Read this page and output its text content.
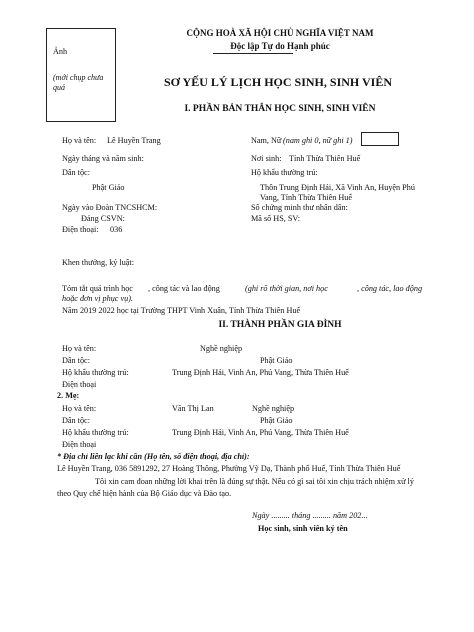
CỘNG HOÀ XÃ HỘI CHỦ NGHĨA VIỆT NAM
Độc lập Tự do Hạnh phúc
Ảnh
(mới chụp chưa quá	SƠ YẾU LÝ LỊCH HỌC SINH, SINH VIÊN
I. PHẦN BẢN THÂN HỌC SINH, SINH VIÊN
Họ và tên: Lê Huyền Trang	Nam, Nữ (nam ghi 0, nữ ghi 1)
Ngày tháng và năm sinh:	Nơi sinh: Tỉnh Thừa Thiên Huế
Dân tộc:	Hộ khẩu thường trú:
Phật Giáo	Thôn Trung Định Hải, Xã Vinh An, Huyện Phú Vang, Tỉnh Thừa Thiên Huế
Ngày vào Đoàn TNCSHCM:	Số chứng minh thư nhân dân:
Đảng CSVN:	Mã số HS, SV:
Điện thoại: 036
Khen thưởng, kỷ luật:
Tóm tắt quá trình học , công tác và lao động	(ghi rõ thời gian, nơi học	, công tác, lao động
hoặc đơn vị phục vụ).
Năm 2019 2022 học tại Trường THPT Vinh Xuân, Tỉnh Thừa Thiên Huế
II. THÀNH PHẦN GIA ĐÌNH
Họ và tên:	Nghề nghiệp
Dân tộc:	Phật Giáo
Hộ khẩu thường trú:	Trung Định Hải, Vinh An, Phú Vang, Thừa Thiên Huế
Điện thoại
2. Mẹ:
Họ và tên:	Văn Thị Lan	Nghề nghiệp
Dân tộc:	Phật Giáo
Hộ khẩu thường trú:	Trung Định Hải, Vinh An, Phú Vang, Thừa Thiên Huế
Điện thoại
* Địa chỉ liên lạc khi cần (Họ tên, số điện thoại, địa chỉ):
Lê Huyền Trang, 036 5891292, 27 Hoàng Thông, Phường Vỹ Dạ, Thành phố Huế, Tỉnh Thừa Thiên Huế
Tôi xin cam đoan những lời khai trên là đúng sự thật. Nếu có gì sai tôi xin chịu trách nhiệm xử lý theo Quy chế hiện hành của Bộ Giáo dục và Đào tạo.
Ngày ......... tháng ......... năm 202...
Học sinh, sinh viên ký tên
